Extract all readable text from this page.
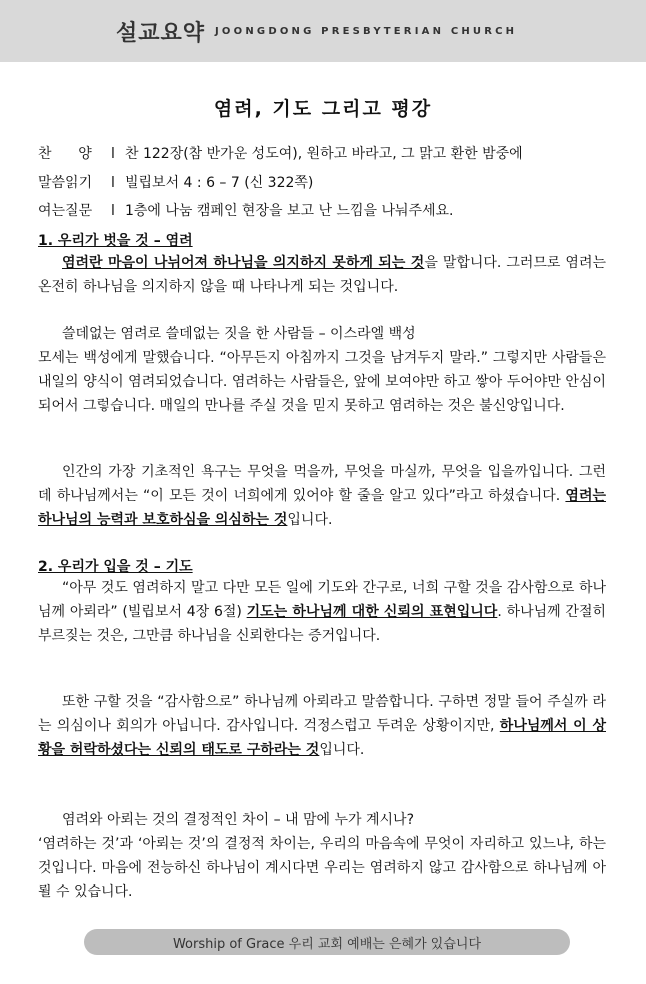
설교요약 JOONGDONG PRESBYTERIAN CHURCH
염려, 기도 그리고 평강
찬      양 l 찬 122장(참 반가운 성도여), 원하고 바라고, 그 맑고 환한 밤중에
말씀읽기 l 빌립보서 4 : 6 – 7 (신 322쪽)
여는질문 l 1층에 나눔 캠페인 현장을 보고 난 느낌을 나눠주세요.
1. 우리가 벗을 것 – 염려
염려란 마음이 나뉘어져 하나님을 의지하지 못하게 되는 것을 말합니다. 그러므로 염려는 온전히 하나님을 의지하지 않을 때 나타나게 되는 것입니다.
쓸데없는 염려로 쓸데없는 짓을 한 사람들 – 이스라엘 백성
모세는 백성에게 말했습니다. “아무든지 아침까지 그것을 남겨두지 말라.” 그렇지만 사람들은 내일의 양식이 염려되었습니다. 염려하는 사람들은, 앞에 보여야만 하고 쌓아 두어야만 안심이 되어서 그렇습니다. 매일의 만나를 주실 것을 믿지 못하고 염려하는 것은 불신앙입니다.
인간의 가장 기초적인 욕구는 무엇을 먹을까, 무엇을 마실까, 무엇을 입을까입니다. 그런데 하나님께서는 “이 모든 것이 너희에게 있어야 할 줄을 알고 있다”라고 하셨습니다. 염려는 하나님의 능력과 보호하심을 의심하는 것입니다.
2. 우리가 입을 것 – 기도
“아무 것도 염려하지 말고 다만 모든 일에 기도와 간구로, 너희 구할 것을 감사함으로 하나님께 아뢰라” (빌립보서 4장 6절) 기도는 하나님께 대한 신뢰의 표현입니다. 하나님께 간절히 부르짖는 것은, 그만큼 하나님을 신뢰한다는 증거입니다.
또한 구할 것을 “감사함으로” 하나님께 아뢰라고 말씀합니다. 구하면 정말 들어 주실까 라는 의심이나 회의가 아닙니다. 감사입니다. 걱정스럽고 두려운 상황이지만, 하나님께서 이 상황을 허락하셨다는 신뢰의 태도로 구하라는 것입니다.
염려와 아뢰는 것의 결정적인 차이 – 내 맘에 누가 계시나?
‘염려하는 것’과 ‘아뢰는 것’의 결정적 차이는, 우리의 마음속에 무엇이 자리하고 있느냐, 하는 것입니다. 마음에 전능하신 하나님이 계시다면 우리는 염려하지 않고 감사함으로 하나님께 아뢸 수 있습니다.
Worship of Grace 우리 교회 예배는 은혜가 있습니다
